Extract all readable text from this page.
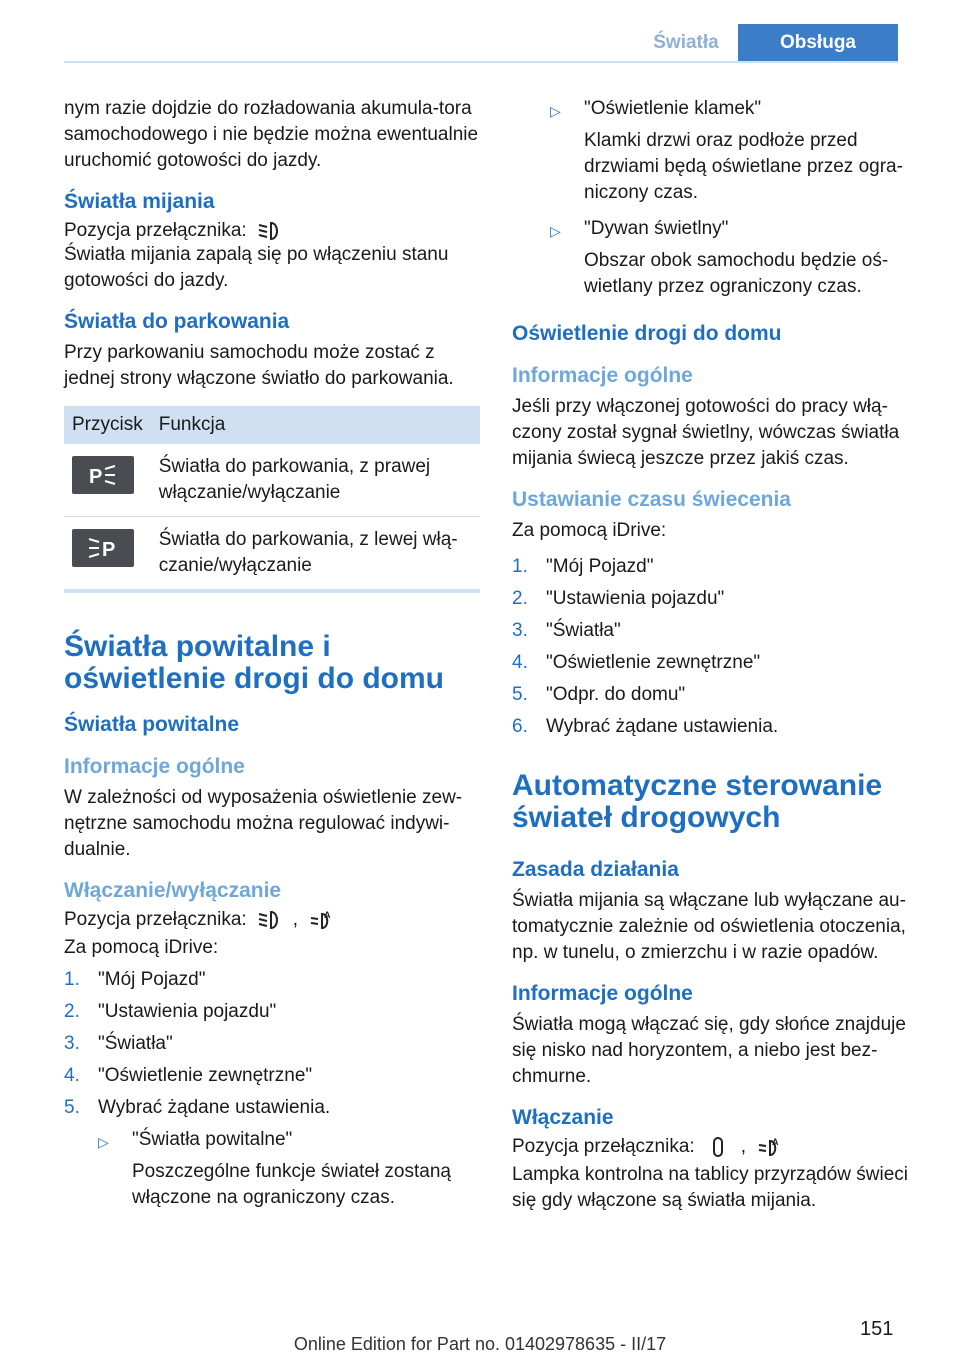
Światła	Obsługa

nym razie dojdzie do rozładowania akumula-tora samochodowego i nie będzie można ewentualnie uruchomić gotowości do jazdy.

Światła mijania
Pozycja przełącznika:

Światła mijania zapalą się po włączeniu stanu gotowości do jazdy.

Światła do parkowania

Przy parkowaniu samochodu może zostać z jednej strony włączone światło do parkowania.

Przycisk	Funkcja

P	Światła do parkowania, z prawej włączanie/wyłączanie

P	Światła do parkowania, z lewej włą-czanie/wyłączanie
Światła powitalne i oświetlenie drogi do domu
Światła powitalne
Informacje ogólne

W zależności od wyposażenia oświetlenie zew-nętrzne samochodu można regulować indywi-dualnie.

Włączanie/wyłączanie
Pozycja przełącznika: ,	A

Za pomocą iDrive:

1. "Mój Pojazd"
2. "Ustawienia pojazdu"
3. "Światła"
4. "Oświetlenie zewnętrzne"
5. Wybrać żądane ustawienia.
▷	"Światła powitalne"
Poszczególne funkcje świateł zostaną włączone na ograniczony czas.
▷	"Oświetlenie klamek"
Klamki drzwi oraz podłoże przed drzwiami będą oświetlane przez ogra-niczony czas.
▷	"Dywan świetlny"
Obszar obok samochodu będzie oś-wietlany przez ograniczony czas.
Oświetlenie drogi do domu
Informacje ogólne

Jeśli przy włączonej gotowości do pracy włą-czony został sygnał świetlny, wówczas światła mijania świecą jeszcze przez jakiś czas.

Ustawianie czasu świecenia

Za pomocą iDrive:

1. "Mój Pojazd"
2. "Ustawienia pojazdu"
3. "Światła"
4. "Oświetlenie zewnętrzne"
5. "Odpr. do domu"
6. Wybrać żądane ustawienia.
Automatyczne sterowanie świateł drogowych
Zasada działania

Światła mijania są włączane lub wyłączane au-tomatycznie zależnie od oświetlenia otoczenia, np. w tunelu, o zmierzchu i w razie opadów.

Informacje ogólne

Światła mogą włączać się, gdy słońce znajduje się nisko nad horyzontem, a niebo jest bez-chmurne.

Włączanie
Pozycja przełącznika: ,	A

Lampka kontrolna na tablicy przyrządów świeci się gdy włączone są światła mijania.

151
Online Edition for Part no. 01402978635 - II/17
